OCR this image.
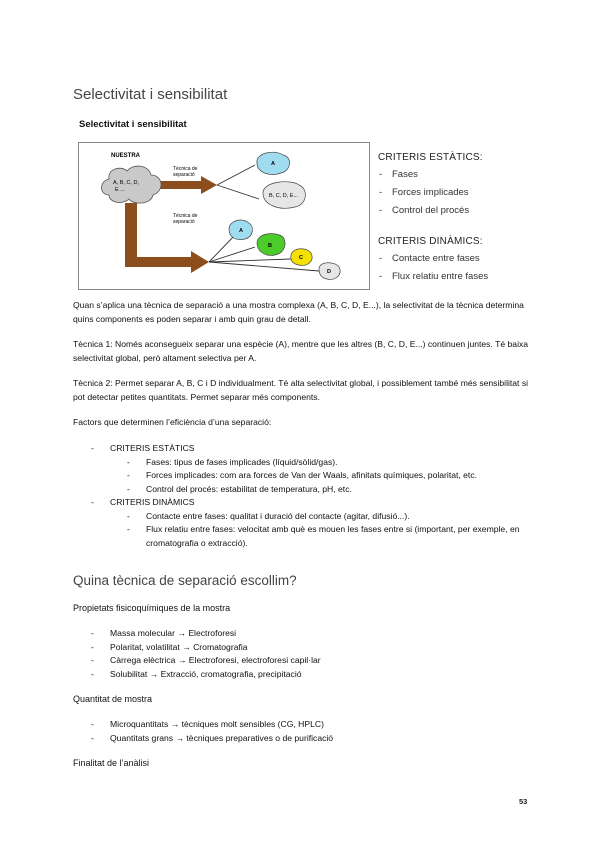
Selectivitat i sensibilitat

Selectivitat i sensibilitat

NUESTRA
A, B, C, D,
E ...
Tècnica de
separació
Tècnica de
separació
A
B, C, D, E...
A
B
C
D
CRITERIS ESTÀTICS:
- Fases
- Forces implicades
- Control del procés
CRITERIS DINÀMICS:
- Contacte entre fases
- Flux relatiu entre fases

Quan s’aplica una tècnica de separació a una mostra complexa (A, B, C, D, E...), la selectivitat de la tècnica determina quins components es poden separar i amb quin grau de detall.

Tècnica 1: Només aconsegueix separar una espècie (A), mentre que les altres (B, C, D, E...) continuen juntes. Té baixa selectivitat global, però altament selectiva per A.

Tècnica 2: Permet separar A, B, C i D individualment. Té alta selectivitat global, i possiblement també més sensibilitat si pot detectar petites quantitats. Permet separar més components.

Factors que determinen l’eficiència d’una separació:

- CRITERIS ESTÀTICS
- Fases: tipus de fases implicades (líquid/sòlid/gas).
- Forces implicades: com ara forces de Van der Waals, afinitats químiques, polaritat, etc.
- Control del procés: estabilitat de temperatura, pH, etc.
- CRITERIS DINÀMICS
- Contacte entre fases: qualitat i duració del contacte (agitar, difusió...).
- Flux relatiu entre fases: velocitat amb què es mouen les fases entre si (important, per exemple, en cromatografia o extracció).
Quina tècnica de separació escollim?

Propietats fisicoquímiques de la mostra

- Massa molecular → Electroforesi
- Polaritat, volatilitat → Cromatografia
- Càrrega elèctrica → Electroforesi, electroforesi capil·lar
- Solubilitat → Extracció, cromatografia, precipitació

Quantitat de mostra

- Microquantitats → tècniques molt sensibles (CG, HPLC)
- Quantitats grans → tècniques preparatives o de purificació

Finalitat de l’anàlisi

53
